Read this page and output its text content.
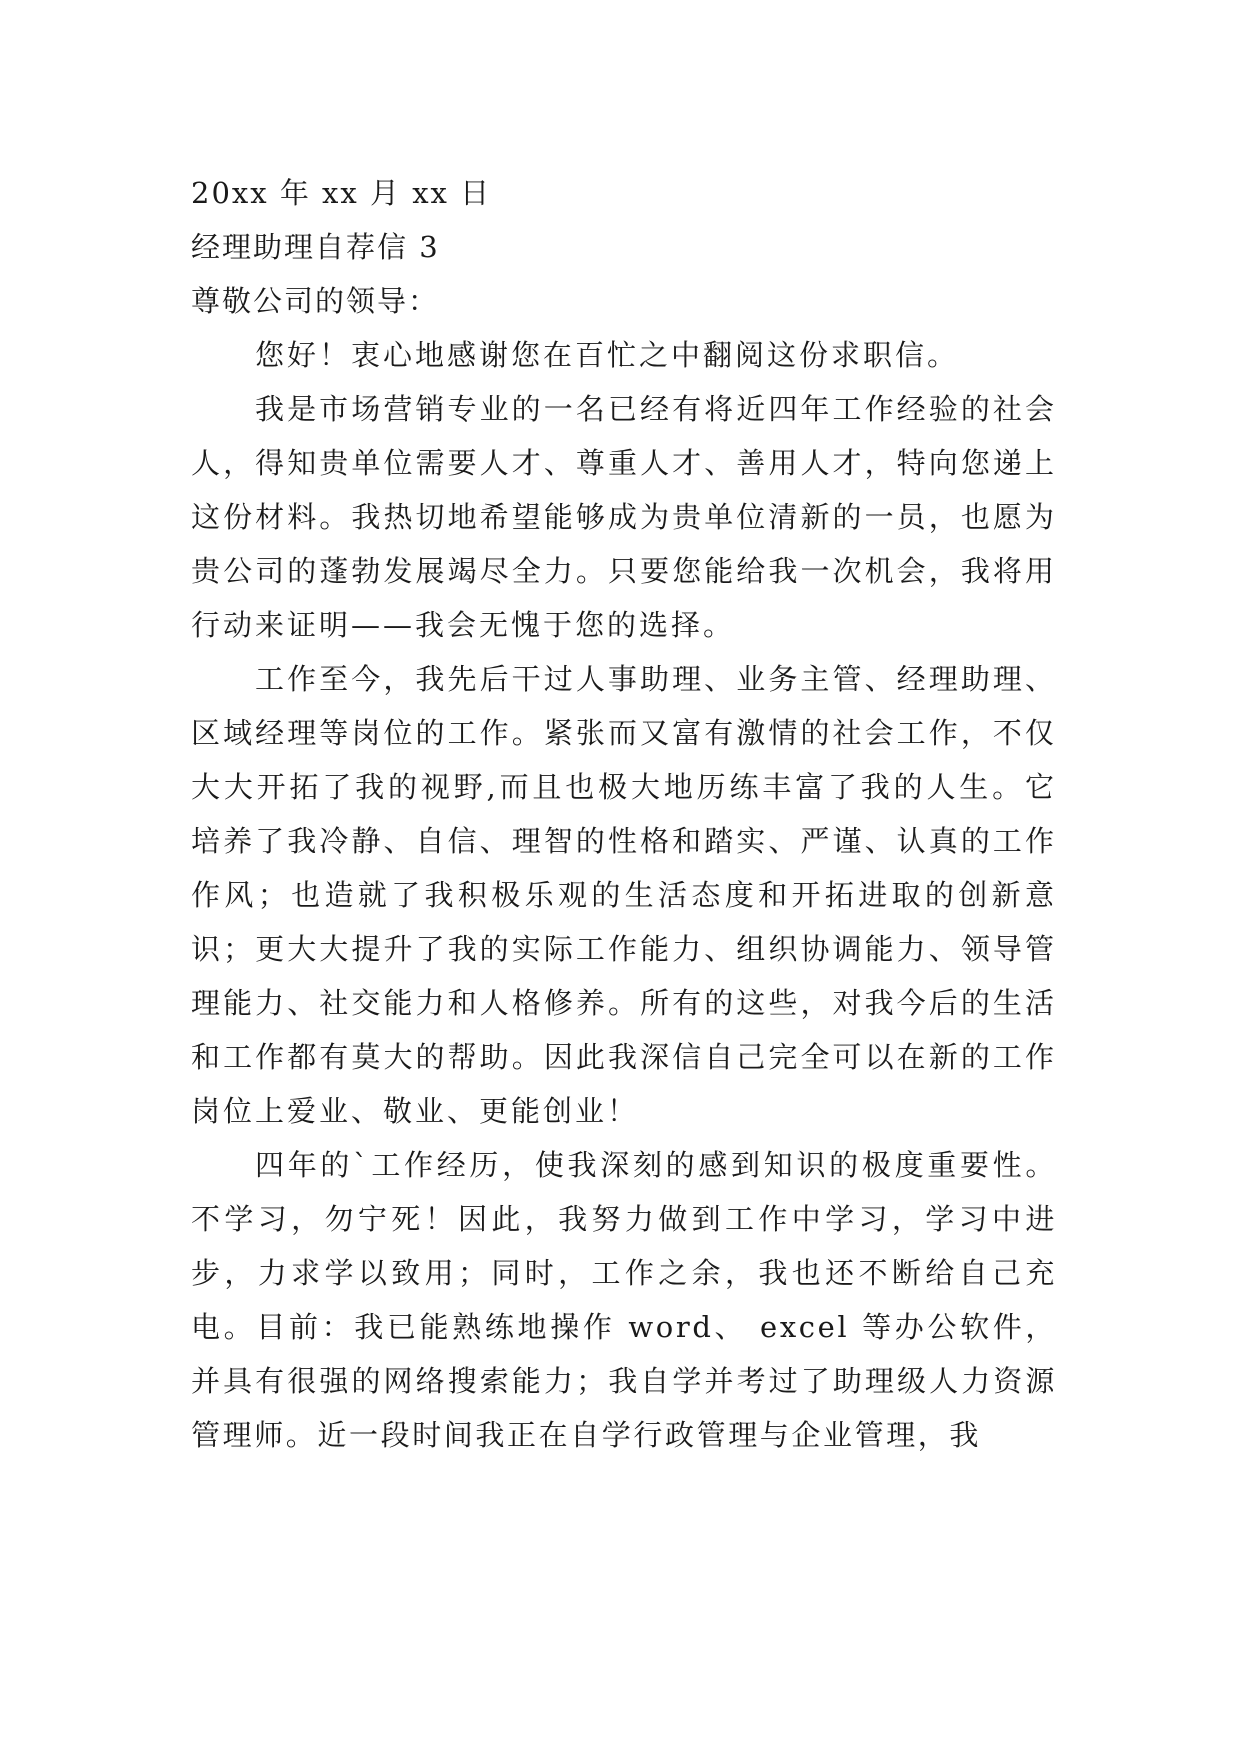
20xx 年 xx 月 xx 日

经理助理自荐信 3

尊敬公司的领导：

您好！衷心地感谢您在百忙之中翻阅这份求职信。

我是市场营销专业的一名已经有将近四年工作经验的社会人，得知贵单位需要人才、尊重人才、善用人才，特向您递上这份材料。我热切地希望能够成为贵单位清新的一员，也愿为贵公司的蓬勃发展竭尽全力。只要您能给我一次机会，我将用行动来证明——我会无愧于您的选择。

工作至今，我先后干过人事助理、业务主管、经理助理、区域经理等岗位的工作。紧张而又富有激情的社会工作，不仅大大开拓了我的视野,而且也极大地历练丰富了我的人生。它培养了我冷静、自信、理智的性格和踏实、严谨、认真的工作作风；也造就了我积极乐观的生活态度和开拓进取的创新意识；更大大提升了我的实际工作能力、组织协调能力、领导管理能力、社交能力和人格修养。所有的这些，对我今后的生活和工作都有莫大的帮助。因此我深信自己完全可以在新的工作岗位上爱业、敬业、更能创业！

四年的`工作经历，使我深刻的感到知识的极度重要性。不学习，勿宁死！因此，我努力做到工作中学习，学习中进步，力求学以致用；同时，工作之余，我也还不断给自己充电。目前：我已能熟练地操作 word、 excel 等办公软件，并具有很强的网络搜索能力；我自学并考过了助理级人力资源管理师。近一段时间我正在自学行政管理与企业管理，我
